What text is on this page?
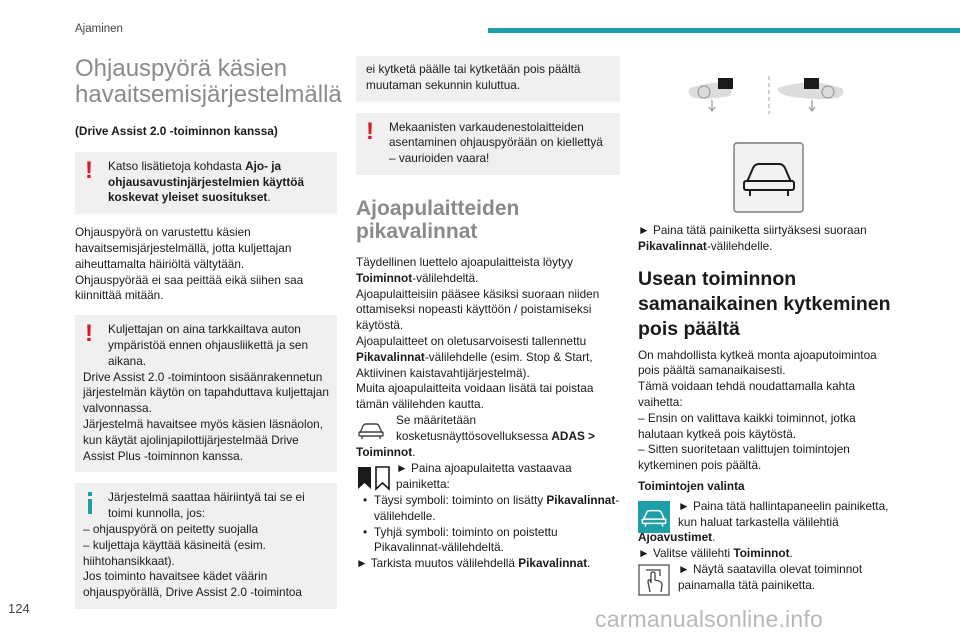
Ajaminen
Ohjauspyörä käsien havaitsemisjärjestelmällä
(Drive Assist 2.0 -toiminnon kanssa)
!	Katso lisätietoja kohdasta Ajo- ja ohjausavustinjärjestelmien käyttöä koskevat yleiset suositukset.

Ohjauspyörä on varustettu käsien havaitsemisjärjestelmällä, jotta kuljettajan aiheuttamalta häiriöltä vältytään.

Ohjauspyörää ei saa peittää eikä siihen saa kiinnittää mitään.

!	Kuljettajan on aina tarkkailtava auton ympäristöä ennen ohjausliikettä ja sen aikana.

Drive Assist 2.0 -toimintoon sisäänrakennetun järjestelmän käytön on tapahduttava kuljettajan valvonnassa.

Järjestelmä havaitsee myös käsien läsnäolon, kun käytät ajolinjapilottijärjestelmää Drive Assist Plus -toiminnon kanssa.

Järjestelmä saattaa häiriintyä tai se ei toimi kunnolla, jos:

– ohjauspyörä on peitetty suojalla

– kuljettaja käyttää käsineitä (esim. hiihtohansikkaat).

Jos toiminto havaitsee kädet väärin ohjauspyörällä, Drive Assist 2.0 -toimintoa

ei kytketä päälle tai kytketään pois päältä muutaman sekunnin kuluttua.

!	Mekaanisten varkaudenestolaitteiden asentaminen ohjauspyörään on kiellettyä – vaurioiden vaara!

Ajoapulaitteiden pikavalinnat

Täydellinen luettelo ajoapulaitteista löytyy Toiminnot-välilehdeltä.

Ajoapulaitteisiin pääsee käsiksi suoraan niiden ottamiseksi nopeasti käyttöön / poistamiseksi käytöstä.

Ajoapulaitteet on oletusarvoisesti tallennettu Pikavalinnat-välilehdelle (esim. Stop & Start, Aktiivinen kaistavahtijärjestelmä).

Muita ajoapulaitteita voidaan lisätä tai poistaa tämän välilehden kautta.

Se määritetään kosketusnäyttösovelluksessa ADAS >

Toiminnot.

► Paina ajoapulaitetta vastaavaa painiketta:

• Täysi symboli: toiminto on lisätty Pikavalinnat-välilehdelle.
• Tyhjä symboli: toiminto on poistettu Pikavalinnat-välilehdeltä.

► Tarkista muutos välilehdellä Pikavalinnat.

► Paina tätä painiketta siirtyäksesi suoraan Pikavalinnat-välilehdelle.

Usean toiminnon samanaikainen kytkeminen pois päältä

On mahdollista kytkeä monta ajoaputoimintoa pois päältä samanaikaisesti.

Tämä voidaan tehdä noudattamalla kahta vaihetta:

– Ensin on valittava kaikki toiminnot, jotka halutaan kytkeä pois käytöstä.

– Sitten suoritetaan valittujen toimintojen kytkeminen pois päältä.

Toimintojen valinta

► Paina tätä hallintapaneelin painiketta, kun haluat tarkastella välilehtiä

Ajoavustimet.

► Valitse välilehti Toiminnot.

► Näytä saatavilla olevat toiminnot painamalla tätä painiketta.

124	carmanualsonline.info
